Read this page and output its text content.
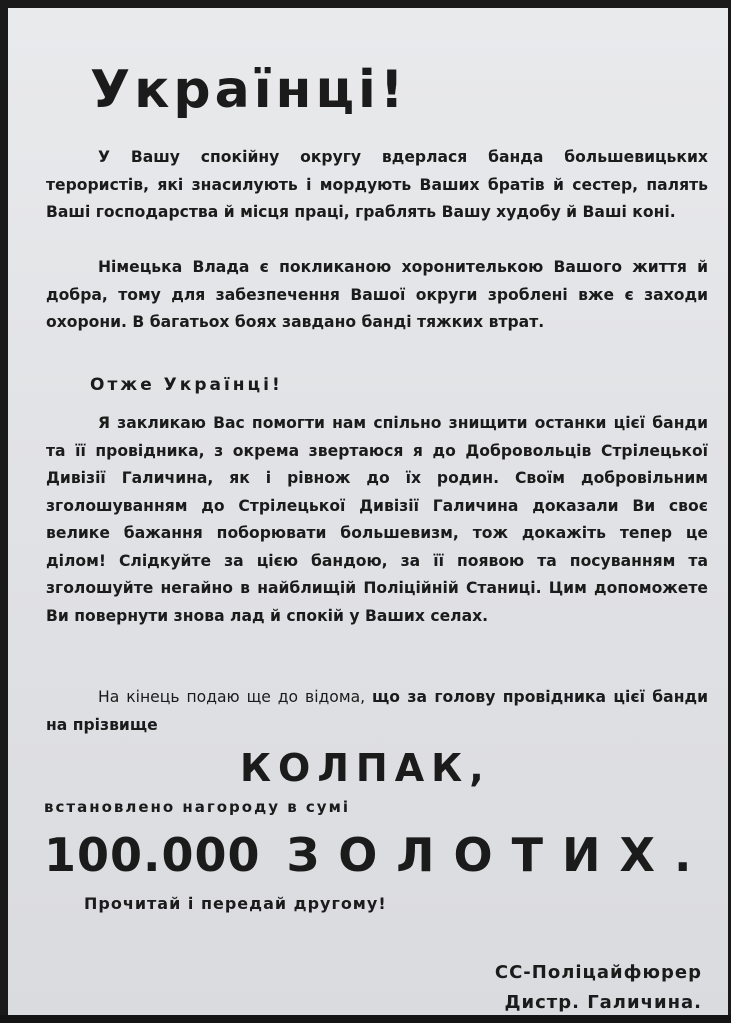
Українці!

У Вашу спокійну округу вдерлася банда большевицьких терористів, які знасилують і мордують Ваших братів й сестер, палять Ваші господарства й місця праці, граблять Вашу худобу й Ваші коні.

Німецька Влада є покликаною хоронителькою Вашого життя й добра, тому для забезпечення Вашої округи зроблені вже є заходи охорони. В багатьох боях завдано банді тяжких втрат.

Отже Українці!

Я закликаю Вас помогти нам спільно знищити останки цієї банди та її провідника, з окрема звертаюся я до Добровольців Стрілецької Дивізії Галичина, як і рівнож до їх родин. Своїм добровільним зголошуванням до Стрілецької Дивізії Галичина доказали Ви своє велике бажання поборювати большевизм, тож докажіть тепер це ділом! Слідкуйте за цією бандою, за її появою та посуванням та зголошуйте негайно в найблищій Поліційній Станиці. Цим допоможете Ви повернути знова лад й спокій у Ваших селах.

На кінець подаю ще до відома, що за голову провідника цієї банди на прізвище

КОЛПАК,

встановлено нагороду в сумі

100.000 ЗОЛОТИХ.

Прочитай і передай другому!

СС-Поліцайфюрер
Дистр. Галичина.
